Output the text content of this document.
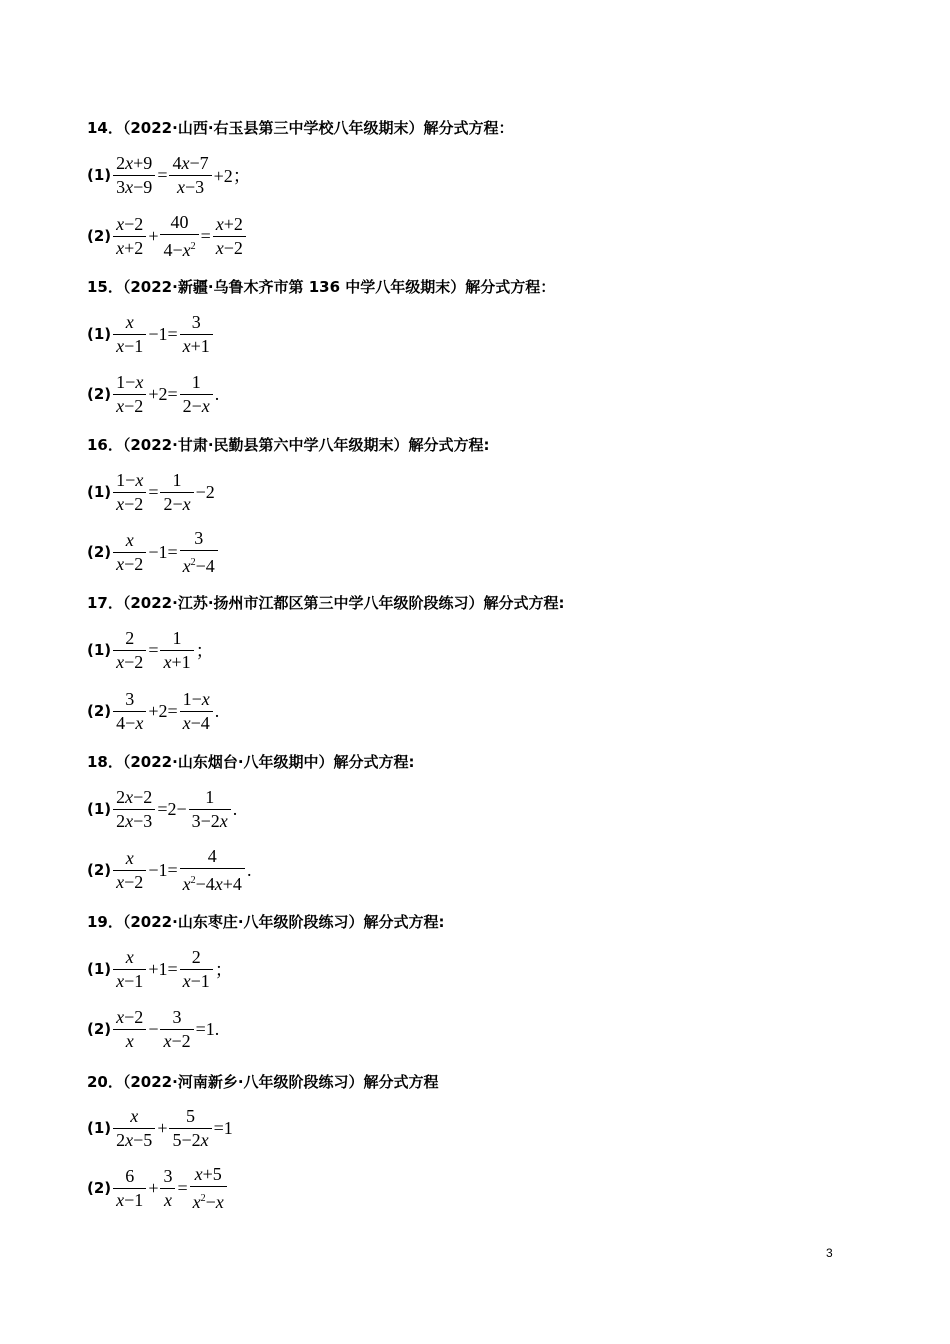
14．（2022·山西·右玉县第三中学校八年级期末）解分式方程：
$(1) \frac{2x+9}{3x-9} = \frac{4x-7}{x-3} +2$；
$(2) \frac{x-2}{x+2} + \frac{40}{4-x^2} = \frac{x+2}{x-2}$
15．（2022·新疆·乌鲁木齐市第 136 中学八年级期末）解分式方程：
$(1) \frac{x}{x-1} -1= \frac{3}{x+1}$
$(2) \frac{1-x}{x-2} +2= \frac{1}{2-x}$ .
16．（2022·甘肃·民勤县第六中学八年级期末）解分式方程:
$(1) \frac{1-x}{x-2} = \frac{1}{2-x} -2$
$(2) \frac{x}{x-2} -1= \frac{3}{x^2-4}$
17．（2022·江苏·扬州市江都区第三中学八年级阶段练习）解分式方程:
$(1) \frac{2}{x-2} = \frac{1}{x+1}$ ；
$(2) \frac{3}{4-x} +2= \frac{1-x}{x-4}$ .
18．（2022·山东烟台·八年级期中）解分式方程:
$(1) \frac{2x-2}{2x-3} =2- \frac{1}{3-2x}$ .
$(2) \frac{x}{x-2} -1= \frac{4}{x^2-4x+4}$ .
19．（2022·山东枣庄·八年级阶段练习）解分式方程:
$(1) \frac{x}{x-1} +1= \frac{2}{x-1}$ ；
$(2) \frac{x-2}{x} - \frac{3}{x-2} =1$.
20．（2022·河南新乡·八年级阶段练习）解分式方程
$(1) \frac{x}{2x-5} + \frac{5}{5-2x} =1$
$(2) \frac{6}{x-1} + \frac{3}{x} = \frac{x+5}{x^2-x}$
3
